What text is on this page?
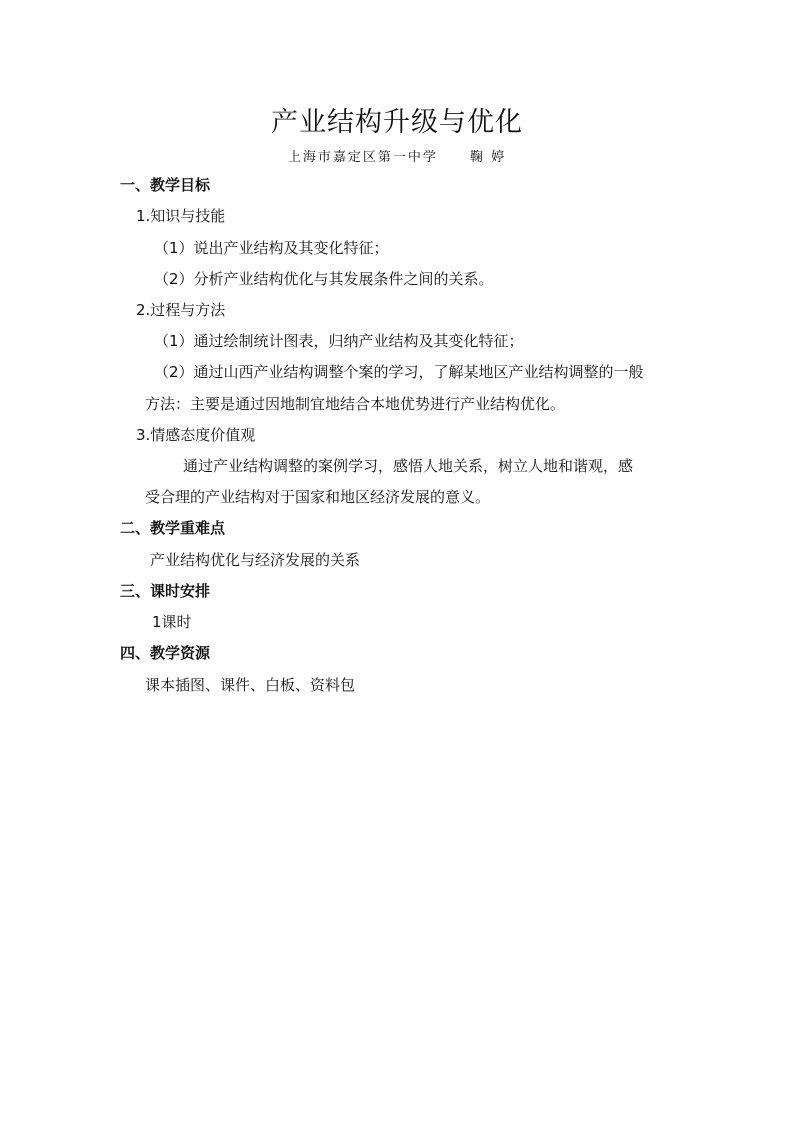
产业结构升级与优化
上海市嘉定区第一中学 鞠 婷
一、教学目标
1.知识与技能
（1）说出产业结构及其变化特征；
（2）分析产业结构优化与其发展条件之间的关系。
2.过程与方法
（1）通过绘制统计图表，归纳产业结构及其变化特征；
（2）通过山西产业结构调整个案的学习，了解某地区产业结构调整的一般
方法：主要是通过因地制宜地结合本地优势进行产业结构优化。
3.情感态度价值观
通过产业结构调整的案例学习，感悟人地关系，树立人地和谐观，感
受合理的产业结构对于国家和地区经济发展的意义。
二、教学重难点
产业结构优化与经济发展的关系
三、课时安排
1课时
四、教学资源
课本插图、课件、白板、资料包
